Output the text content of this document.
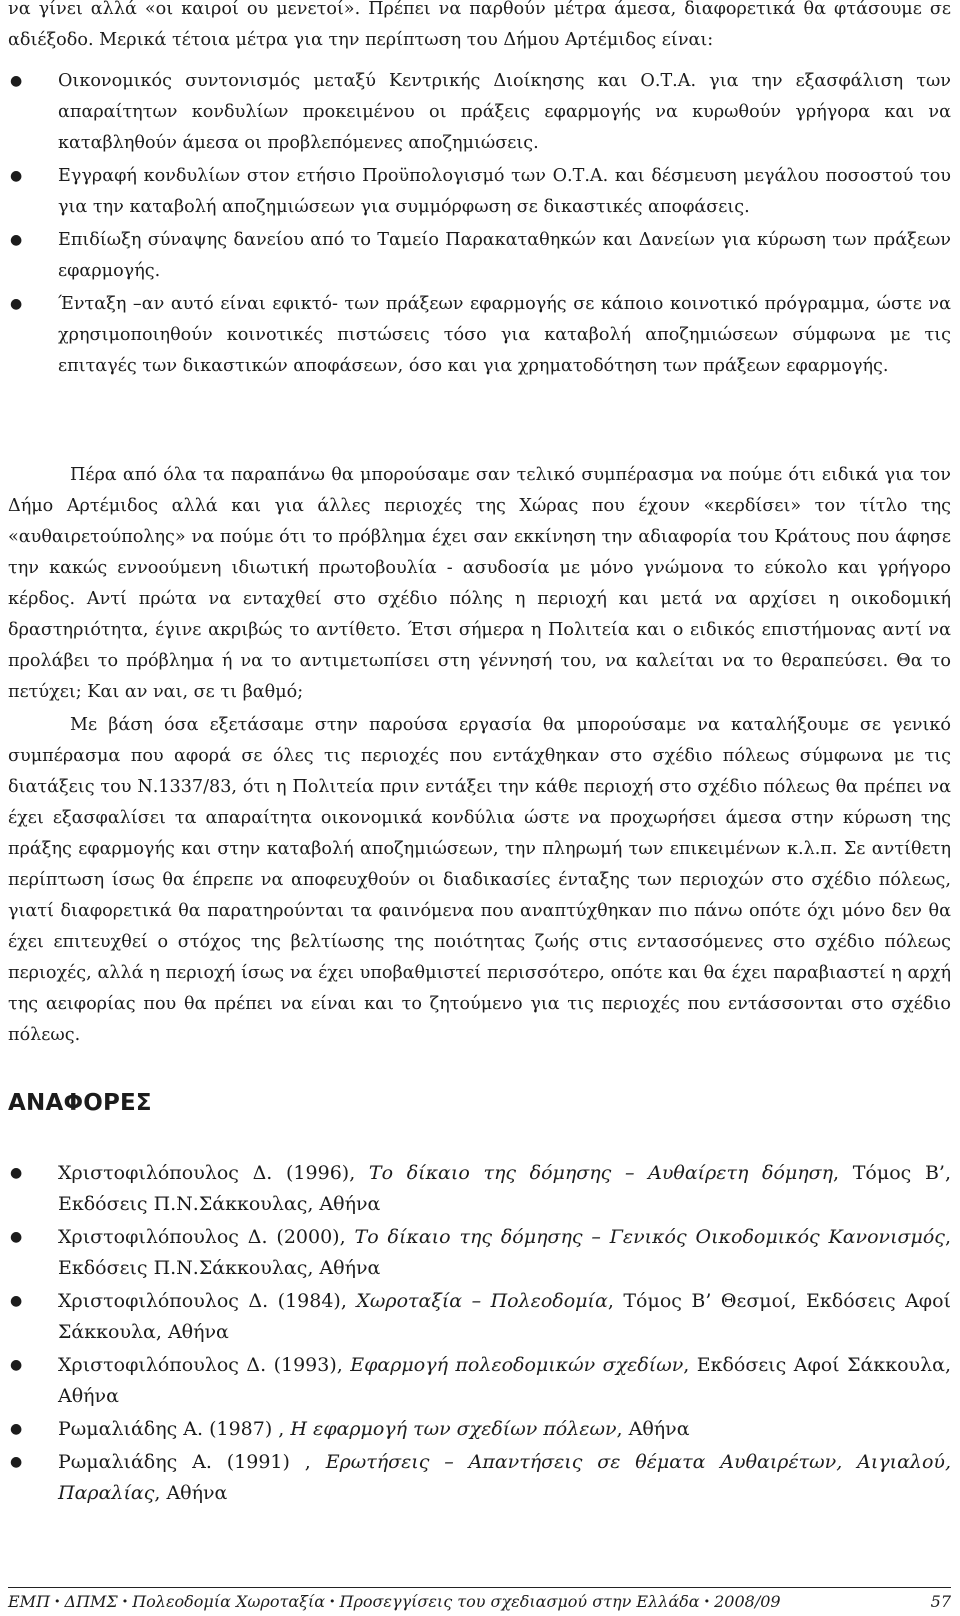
να γίνει αλλά «οι καιροί ου μενετοί». Πρέπει να παρθούν μέτρα άμεσα, διαφορετικά θα φτάσουμε σε αδιέξοδο. Μερικά τέτοια μέτρα για την περίπτωση του Δήμου Αρτέμιδος είναι:

●	Οικονομικός συντονισμός μεταξύ Κεντρικής Διοίκησης και Ο.Τ.Α. για την εξασφάλιση των απαραίτητων κονδυλίων προκειμένου οι πράξεις εφαρμογής να κυρωθούν γρήγορα και να καταβληθούν άμεσα οι προβλεπόμενες αποζημιώσεις.
●	Εγγραφή κονδυλίων στον ετήσιο Προϋπολογισμό των Ο.Τ.Α. και δέσμευση μεγάλου ποσοστού του για την καταβολή αποζημιώσεων για συμμόρφωση σε δικαστικές αποφάσεις.
●	Επιδίωξη σύναψης δανείου από το Ταμείο Παρακαταθηκών και Δανείων για κύρωση των πράξεων εφαρμογής.
●	Ένταξη –αν αυτό είναι εφικτό- των πράξεων εφαρμογής σε κάποιο κοινοτικό πρόγραμμα, ώστε να χρησιμοποιηθούν κοινοτικές πιστώσεις τόσο για καταβολή αποζημιώσεων σύμφωνα με τις επιταγές των δικαστικών αποφάσεων, όσο και για χρηματοδότηση των πράξεων εφαρμογής.

Πέρα από όλα τα παραπάνω θα μπορούσαμε σαν τελικό συμπέρασμα να πούμε ότι ειδικά για τον Δήμο Αρτέμιδος αλλά και για άλλες περιοχές της Χώρας που έχουν «κερδίσει» τον τίτλο της «αυθαιρετούπολης» να πούμε ότι το πρόβλημα έχει σαν εκκίνηση την αδιαφορία του Κράτους που άφησε την κακώς εννοούμενη ιδιωτική πρωτοβουλία - ασυδοσία με μόνο γνώμονα το εύκολο και γρήγορο κέρδος. Αντί πρώτα να ενταχθεί στο σχέδιο πόλης η περιοχή και μετά να αρχίσει η οικοδομική δραστηριότητα, έγινε ακριβώς το αντίθετο. Έτσι σήμερα η Πολιτεία και ο ειδικός επιστήμονας αντί να προλάβει το πρόβλημα ή να το αντιμετωπίσει στη γέννησή του, να καλείται να το θεραπεύσει. Θα το πετύχει; Και αν ναι, σε τι βαθμό;

Με βάση όσα εξετάσαμε στην παρούσα εργασία θα μπορούσαμε να καταλήξουμε σε γενικό συμπέρασμα που αφορά σε όλες τις περιοχές που εντάχθηκαν στο σχέδιο πόλεως σύμφωνα με τις διατάξεις του Ν.1337/83, ότι η Πολιτεία πριν εντάξει την κάθε περιοχή στο σχέδιο πόλεως θα πρέπει να έχει εξασφαλίσει τα απαραίτητα οικονομικά κονδύλια ώστε να προχωρήσει άμεσα στην κύρωση της πράξης εφαρμογής και στην καταβολή αποζημιώσεων, την πληρωμή των επικειμένων κ.λ.π. Σε αντίθετη περίπτωση ίσως θα έπρεπε να αποφευχθούν οι διαδικασίες ένταξης των περιοχών στο σχέδιο πόλεως, γιατί διαφορετικά θα παρατηρούνται τα φαινόμενα που αναπτύχθηκαν πιο πάνω οπότε όχι μόνο δεν θα έχει επιτευχθεί ο στόχος της βελτίωσης της ποιότητας ζωής στις εντασσόμενες στο σχέδιο πόλεως περιοχές, αλλά η περιοχή ίσως να έχει υποβαθμιστεί περισσότερο, οπότε και θα έχει παραβιαστεί η αρχή της αειφορίας που θα πρέπει να είναι και το ζητούμενο για τις περιοχές που εντάσσονται στο σχέδιο πόλεως.

ΑΝΑΦΟΡΕΣ
●	Χριστοφιλόπουλος Δ. (1996), Το δίκαιο της δόμησης – Αυθαίρετη δόμηση, Τόμος Β’, Εκδόσεις Π.Ν.Σάκκουλας, Αθήνα
●	Χριστοφιλόπουλος Δ. (2000), Το δίκαιο της δόμησης – Γενικός Οικοδομικός Κανονισμός, Εκδόσεις Π.Ν.Σάκκουλας, Αθήνα
●	Χριστοφιλόπουλος Δ. (1984), Χωροταξία – Πολεοδομία, Τόμος Β’ Θεσμοί, Εκδόσεις Αφοί Σάκκουλα, Αθήνα
●	Χριστοφιλόπουλος Δ. (1993), Εφαρμογή πολεοδομικών σχεδίων, Εκδόσεις Αφοί Σάκκουλα, Αθήνα
●	Ρωμαλιάδης Α. (1987) , Η εφαρμογή των σχεδίων πόλεων, Αθήνα
●	Ρωμαλιάδης Α. (1991) , Ερωτήσεις – Απαντήσεις σε θέματα Αυθαιρέτων, Αιγιαλού, Παραλίας, Αθήνα
ΕΜΠ • ΔΠΜΣ • Πολεοδομία Χωροταξία • Προσεγγίσεις του σχεδιασμού στην Ελλάδα • 2008/09	57
